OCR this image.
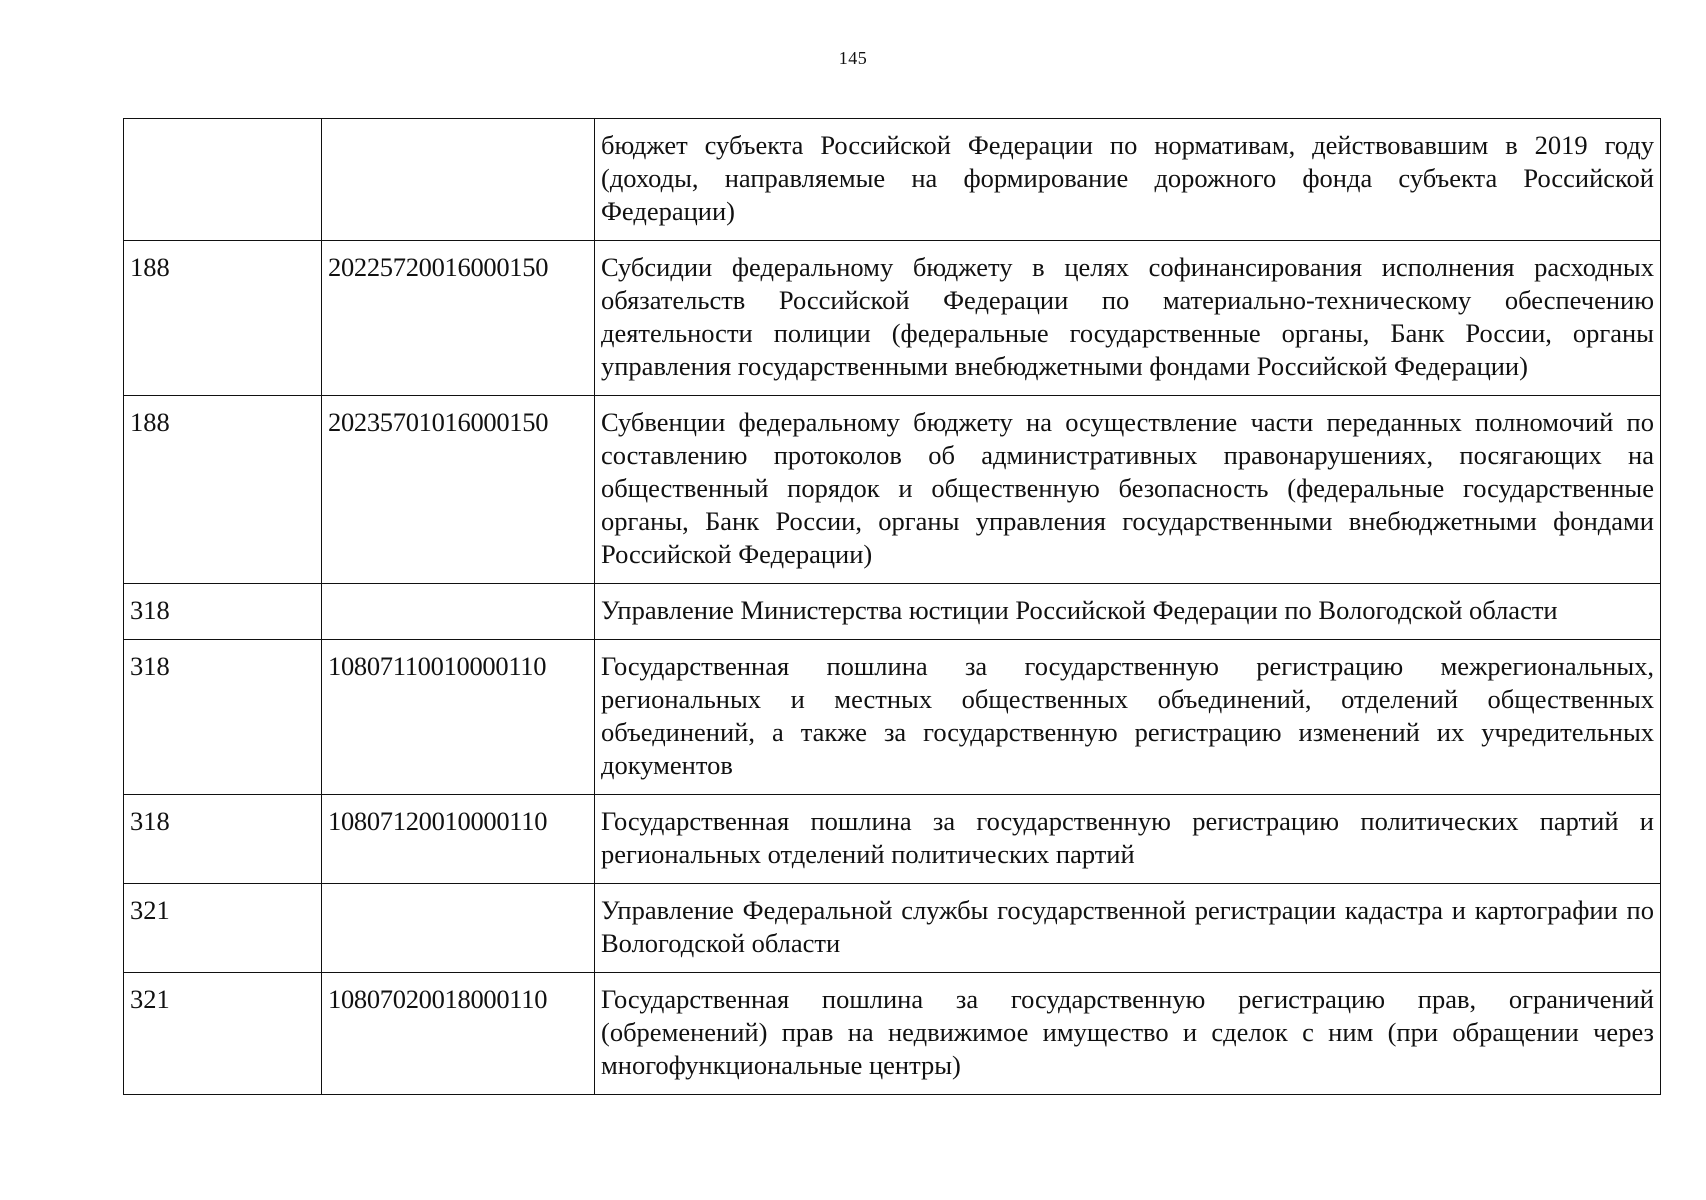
145
		бюджет субъекта Российской Федерации по нормативам, действовавшим в 2019 году (доходы, направляемые на формирование дорожного фонда субъекта Российской Федерации)
188	20225720016000150	Субсидии федеральному бюджету в целях софинансирования исполнения расходных обязательств Российской Федерации по материально-техническому обеспечению деятельности полиции (федеральные государственные органы, Банк России, органы управления государственными внебюджетными фондами Российской Федерации)
188	20235701016000150	Субвенции федеральному бюджету на осуществление части переданных полномочий по составлению протоколов об административных правонарушениях, посягающих на общественный порядок и общественную безопасность (федеральные государственные органы, Банк России, органы управления государственными внебюджетными фондами Российской Федерации)
318		Управление Министерства юстиции Российской Федерации по Вологодской области
318	10807110010000110	Государственная пошлина за государственную регистрацию межрегиональных, региональных и местных общественных объединений, отделений общественных объединений, а также за государственную регистрацию изменений их учредительных документов
318	10807120010000110	Государственная пошлина за государственную регистрацию политических партий и региональных отделений политических партий
321		Управление Федеральной службы государственной регистрации кадастра и картографии по Вологодской области
321	10807020018000110	Государственная пошлина за государственную регистрацию прав, ограничений (обременений) прав на недвижимое имущество и сделок с ним (при обращении через многофункциональные центры)
